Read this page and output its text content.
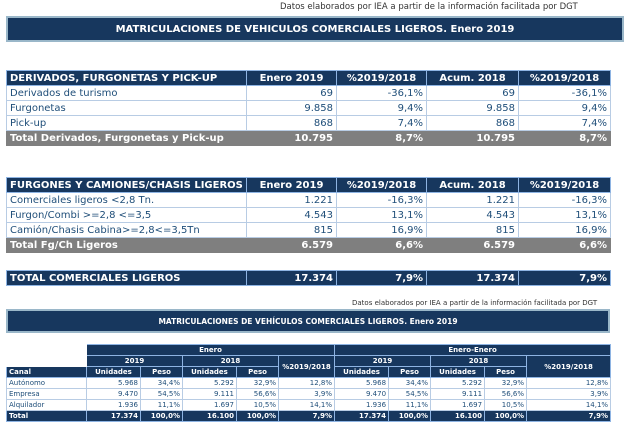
Datos elaborados por IEA a partir de la información facilitada por DGT
MATRICULACIONES DE VEHICULOS COMERCIALES LIGEROS. Enero 2019
DERIVADOS, FURGONETAS Y PICK-UP	Enero 2019	%2019/2018	Acum. 2018	%2019/2018
Derivados de turismo	69	-36,1%	69	-36,1%
Furgonetas	9.858	9,4%	9.858	9,4%
Pick-up	868	7,4%	868	7,4%
Total Derivados, Furgonetas y Pick-up	10.795	8,7%	10.795	8,7%
FURGONES Y CAMIONES/CHASIS LIGEROS	Enero 2019	%2019/2018	Acum. 2018	%2019/2018
Comerciales ligeros <2,8 Tn.	1.221	-16,3%	1.221	-16,3%
Furgon/Combi >=2,8 <=3,5	4.543	13,1%	4.543	13,1%
Camión/Chasis Cabina>=2,8<=3,5Tn	815	16,9%	815	16,9%
Total Fg/Ch Ligeros	6.579	6,6%	6.579	6,6%
TOTAL COMERCIALES LIGEROS	17.374	7,9%	17.374	7,9%
Datos elaborados por IEA a partir de la información facilitada por DGT
MATRICULACIONES DE VEHÍCULOS COMERCIALES LIGEROS. Enero 2019
	Enero					Enero-Enero				
	2019		2018		%2019/2018	2019		2018		%2019/2018
Canal	Unidades	Peso	Unidades	Peso		Unidades	Peso	Unidades	Peso	
Autónomo	5.968	34,4%	5.292	32,9%	12,8%	5.968	34,4%	5.292	32,9%	12,8%
Empresa	9.470	54,5%	9.111	56,6%	3,9%	9.470	54,5%	9.111	56,6%	3,9%
Alquilador	1.936	11,1%	1.697	10,5%	14,1%	1.936	11,1%	1.697	10,5%	14,1%
Total	17.374	100,0%	16.100	100,0%	7,9%	17.374	100,0%	16.100	100,0%	7,9%
